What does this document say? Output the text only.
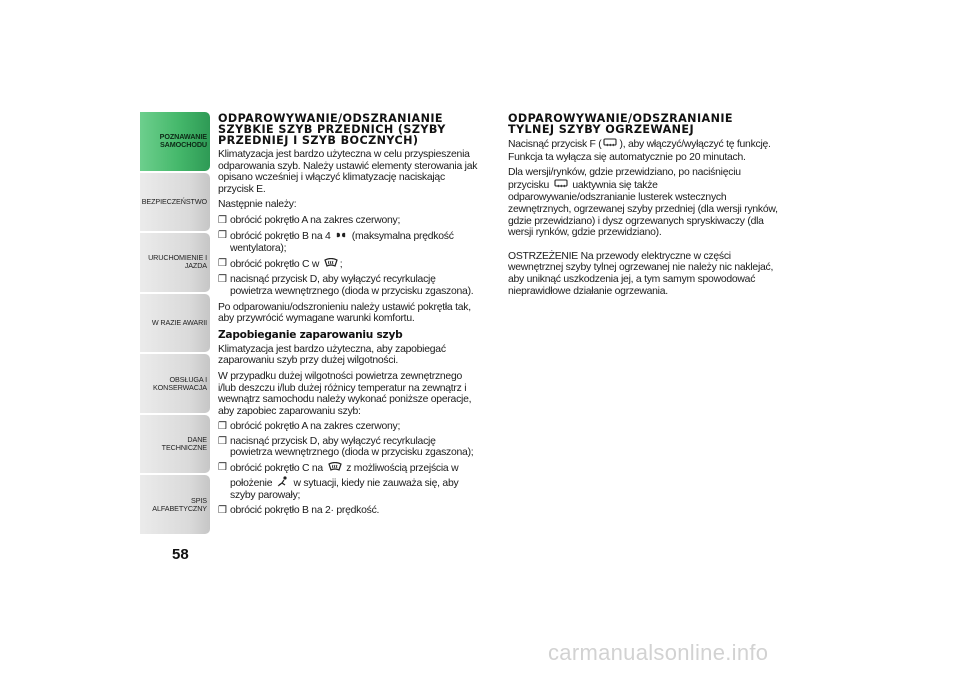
POZNAWANIE
SAMOCHODU
BEZPIECZEŃSTWO
URUCHOMIENIE I
JAZDA
W RAZIE AWARII
OBSŁUGA I
KONSERWACJA
DANE TECHNICZNE
SPIS ALFABETYCZNY
58
ODPAROWYWANIE/ODSZRANIANIE SZYBKIE SZYB PRZEDNICH (SZYBY PRZEDNIEJ I SZYB BOCZNYCH)

Klimatyzacja jest bardzo użyteczna w celu przyspieszenia odparowania szyb. Należy ustawić elementy sterowania jak opisano wcześniej i włączyć klimatyzację naciskając przycisk E.

Następnie należy:

❒ obrócić pokrętło A na zakres czerwony;
❒ obrócić pokrętło B na 4  (maksymalna prędkość wentylatora);
❒ obrócić pokrętło C w ;
❒ nacisnąć przycisk D, aby wyłączyć recyrkulację powietrza wewnętrznego (dioda w przycisku zgaszona).

Po odparowaniu/odszronieniu należy ustawić pokrętła tak, aby przywrócić wymagane warunki komfortu.

Zapobieganie zaparowaniu szyb

Klimatyzacja jest bardzo użyteczna, aby zapobiegać zaparowaniu szyb przy dużej wilgotności.

W przypadku dużej wilgotności powietrza zewnętrznego i/lub deszczu i/lub dużej różnicy temperatur na zewnątrz i wewnątrz samochodu należy wykonać poniższe operacje, aby zapobiec zaparowaniu szyb:

❒ obrócić pokrętło A na zakres czerwony;
❒ nacisnąć przycisk D, aby wyłączyć recyrkulację powietrza wewnętrznego (dioda w przycisku zgaszona);
❒ obrócić pokrętło C na  z możliwością przejścia w położenie  w sytuacji, kiedy nie zauważa się, aby szyby parowały;
❒ obrócić pokrętło B na 2· prędkość.
ODPAROWYWANIE/ODSZRANIANIE TYLNEJ SZYBY OGRZEWANEJ

Nacisnąć przycisk F ( ), aby włączyć/wyłączyć tę funkcję. Funkcja ta wyłącza się automatycznie po 20 minutach.

Dla wersji/rynków, gdzie przewidziano, po naciśnięciu przycisku  uaktywnia się także odparowywanie/odszranianie lusterek wstecznych zewnętrznych, ogrzewanej szyby przedniej (dla wersji rynków, gdzie przewidziano) i dysz ogrzewanych spryskiwaczy (dla wersji rynków, gdzie przewidziano).

OSTRZEŻENIE Na przewody elektryczne w części wewnętrznej szyby tylnej ogrzewanej nie należy nic naklejać, aby uniknąć uszkodzenia jej, a tym samym spowodować nieprawidłowe działanie ogrzewania.

carmanualsonline.info
